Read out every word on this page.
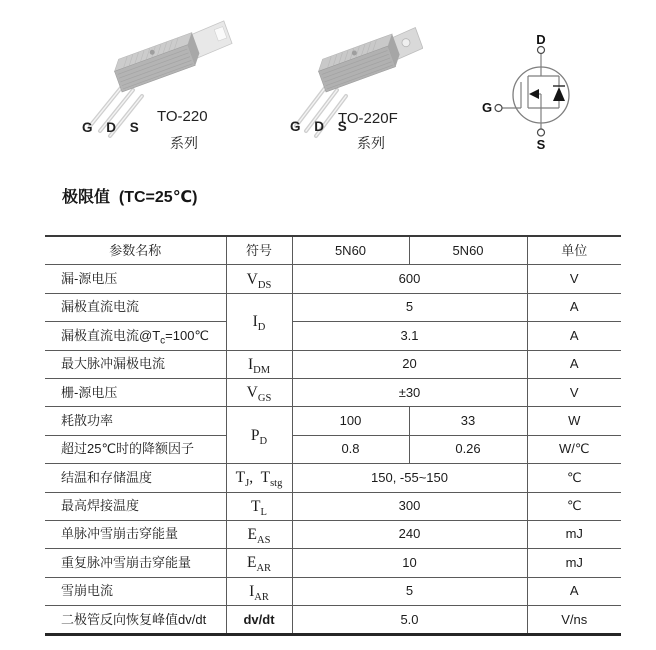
G D S
TO-220
系列
G D S
TO-220F
系列
D
G
S
极限值  (TC=25℃)
参数名称	符号	5N60	5N60	单位
漏-源电压	$V_{DS}$	600		V
漏极直流电流	$I_D$	5		A
漏极直流电流$@T_c=100℃$		3.1		A
最大脉冲漏极电流	$I_{DM}$	20		A
栅-源电压	$V_{GS}$	±30		V
耗散功率	$P_D$	100	33	W
超过25℃时的降额因子		0.8	0.26	W/℃
结温和存储温度	$T_J$,  $T_{stg}$	150, -55~150		℃
最高焊接温度	$T_L$	300		℃
单脉冲雪崩击穿能量	$E_{AS}$	240		mJ
重复脉冲雪崩击穿能量	$E_{AR}$	10		mJ
雪崩电流	$I_{AR}$	5		A
二极管反向恢复峰值dv/dt	dv/dt	5.0		V/ns
